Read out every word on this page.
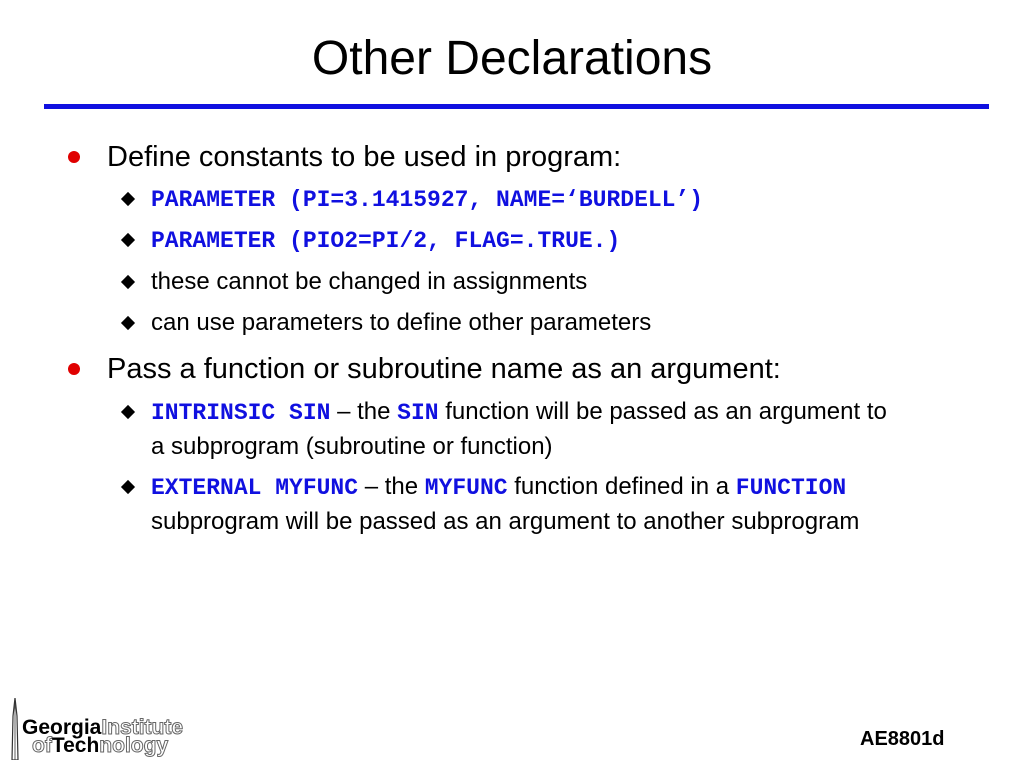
Other Declarations
Define constants to be used in program:
PARAMETER (PI=3.1415927, NAME=‘BURDELL’)
PARAMETER (PIO2=PI/2, FLAG=.TRUE.)
these cannot be changed in assignments
can use parameters to define other parameters
Pass a function or subroutine name as an argument:
INTRINSIC SIN – the SIN function will be passed as an argument to a subprogram (subroutine or function)
EXTERNAL MYFUNC – the MYFUNC function defined in a FUNCTION subprogram will be passed as an argument to another subprogram
GeorgiaInstitute
ofTechnology	AE8801d
